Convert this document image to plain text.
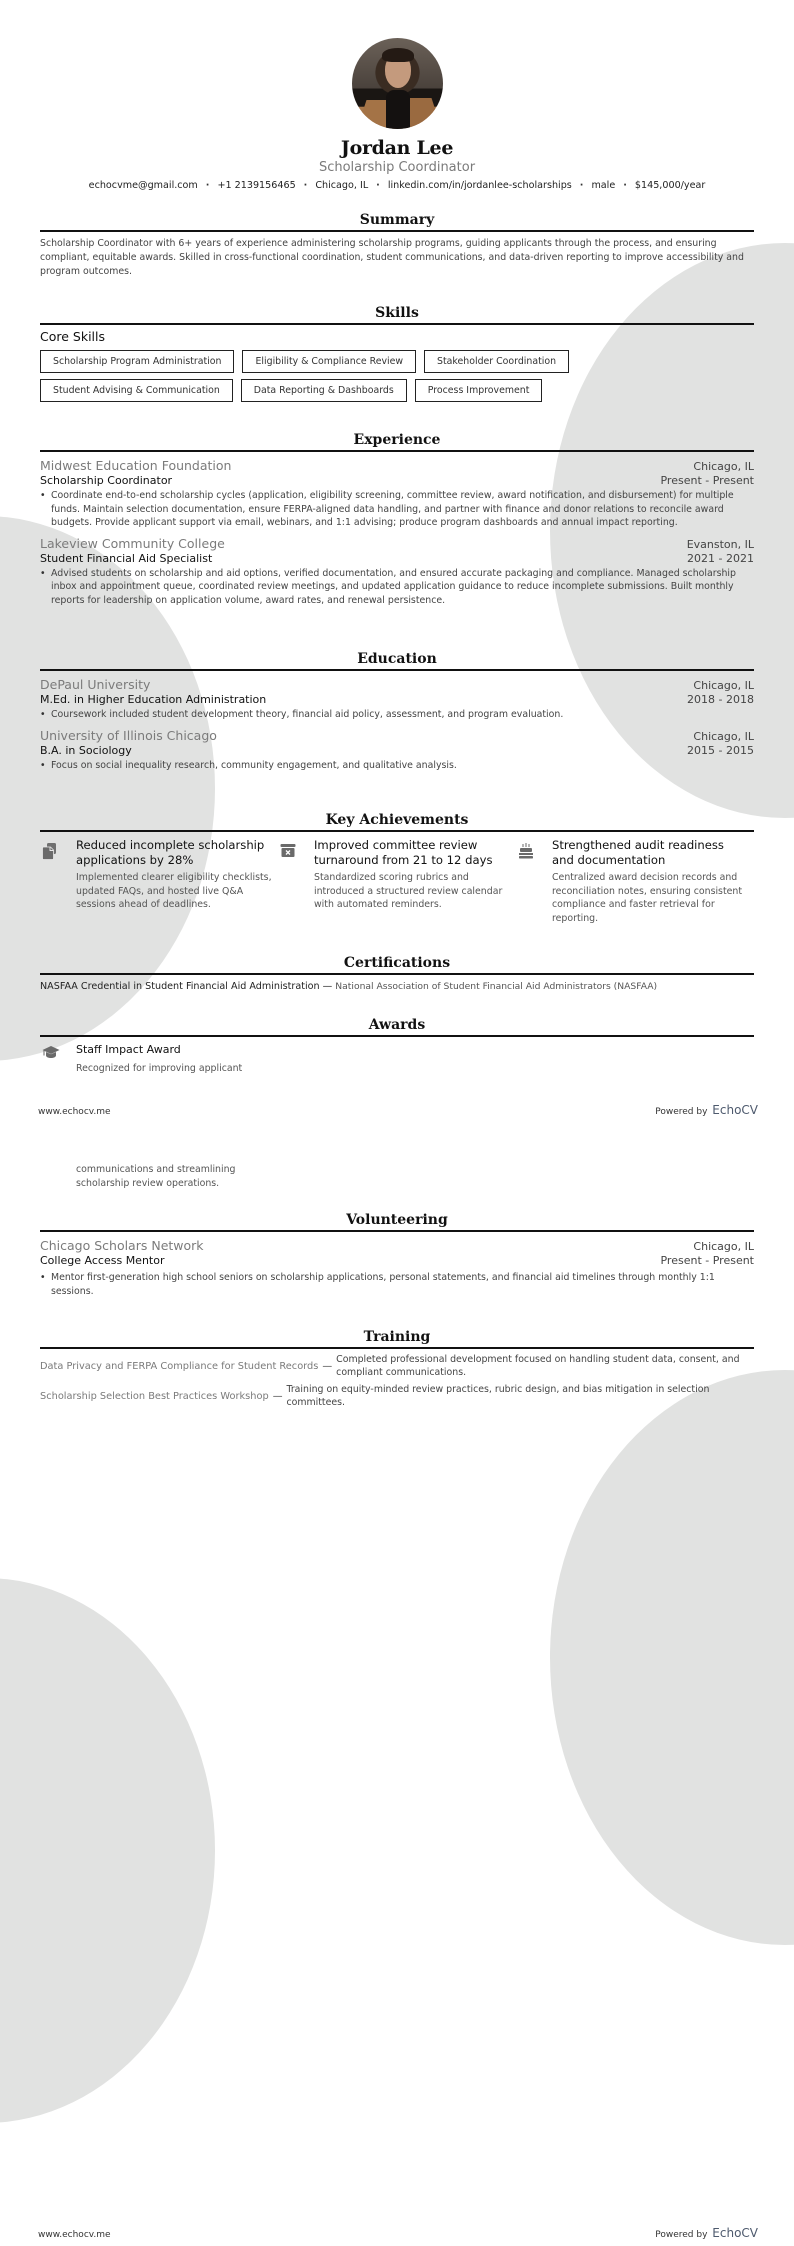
Jordan Lee
Scholarship Coordinator
echocvme@gmail.com · +1 2139156465 · Chicago, IL · linkedin.com/in/jordanlee-scholarships · male · $145,000/year
Summary

Scholarship Coordinator with 6+ years of experience administering scholarship programs, guiding applicants through the process, and ensuring compliant, equitable awards. Skilled in cross-functional coordination, student communications, and data-driven reporting to improve accessibility and program outcomes.

Skills
Core Skills
Scholarship Program Administration	Eligibility & Compliance Review	Stakeholder Coordination
Student Advising & Communication	Data Reporting & Dashboards	Process Improvement
Experience
Midwest Education Foundation	Chicago, IL
Scholarship Coordinator	Present - Present
• Coordinate end-to-end scholarship cycles (application, eligibility screening, committee review, award notification, and disbursement) for multiple funds. Maintain selection documentation, ensure FERPA-aligned data handling, and partner with finance and donor relations to reconcile award budgets. Provide applicant support via email, webinars, and 1:1 advising; produce program dashboards and annual impact reporting.
Lakeview Community College	Evanston, IL
Student Financial Aid Specialist	2021 - 2021
• Advised students on scholarship and aid options, verified documentation, and ensured accurate packaging and compliance. Managed scholarship inbox and appointment queue, coordinated review meetings, and updated application guidance to reduce incomplete submissions. Built monthly reports for leadership on application volume, award rates, and renewal persistence.
Education
DePaul University	Chicago, IL
M.Ed. in Higher Education Administration	2018 - 2018
• Coursework included student development theory, financial aid policy, assessment, and program evaluation.
University of Illinois Chicago	Chicago, IL
B.A. in Sociology	2015 - 2015
• Focus on social inequality research, community engagement, and qualitative analysis.
Key Achievements
Reduced incomplete scholarship applications by 28%
Implemented clearer eligibility checklists, updated FAQs, and hosted live Q&A sessions ahead of deadlines.
Improved committee review turnaround from 21 to 12 days
Standardized scoring rubrics and introduced a structured review calendar with automated reminders.
Strengthened audit readiness and documentation
Centralized award decision records and reconciliation notes, ensuring consistent compliance and faster retrieval for reporting.
Certifications
NASFAA Credential in Student Financial Aid Administration — National Association of Student Financial Aid Administrators (NASFAA)
Awards
Staff Impact Award
Recognized for improving applicant
www.echocv.me	Powered by EchoCV
communications and streamlining scholarship review operations.
Volunteering
Chicago Scholars Network	Chicago, IL
College Access Mentor	Present - Present
• Mentor first-generation high school seniors on scholarship applications, personal statements, and financial aid timelines through monthly 1:1 sessions.
Training
Data Privacy and FERPA Compliance for Student Records —
Completed professional development focused on handling student data, consent, and compliant communications.
Scholarship Selection Best Practices Workshop —
Training on equity-minded review practices, rubric design, and bias mitigation in selection committees.
www.echocv.me	Powered by EchoCV
